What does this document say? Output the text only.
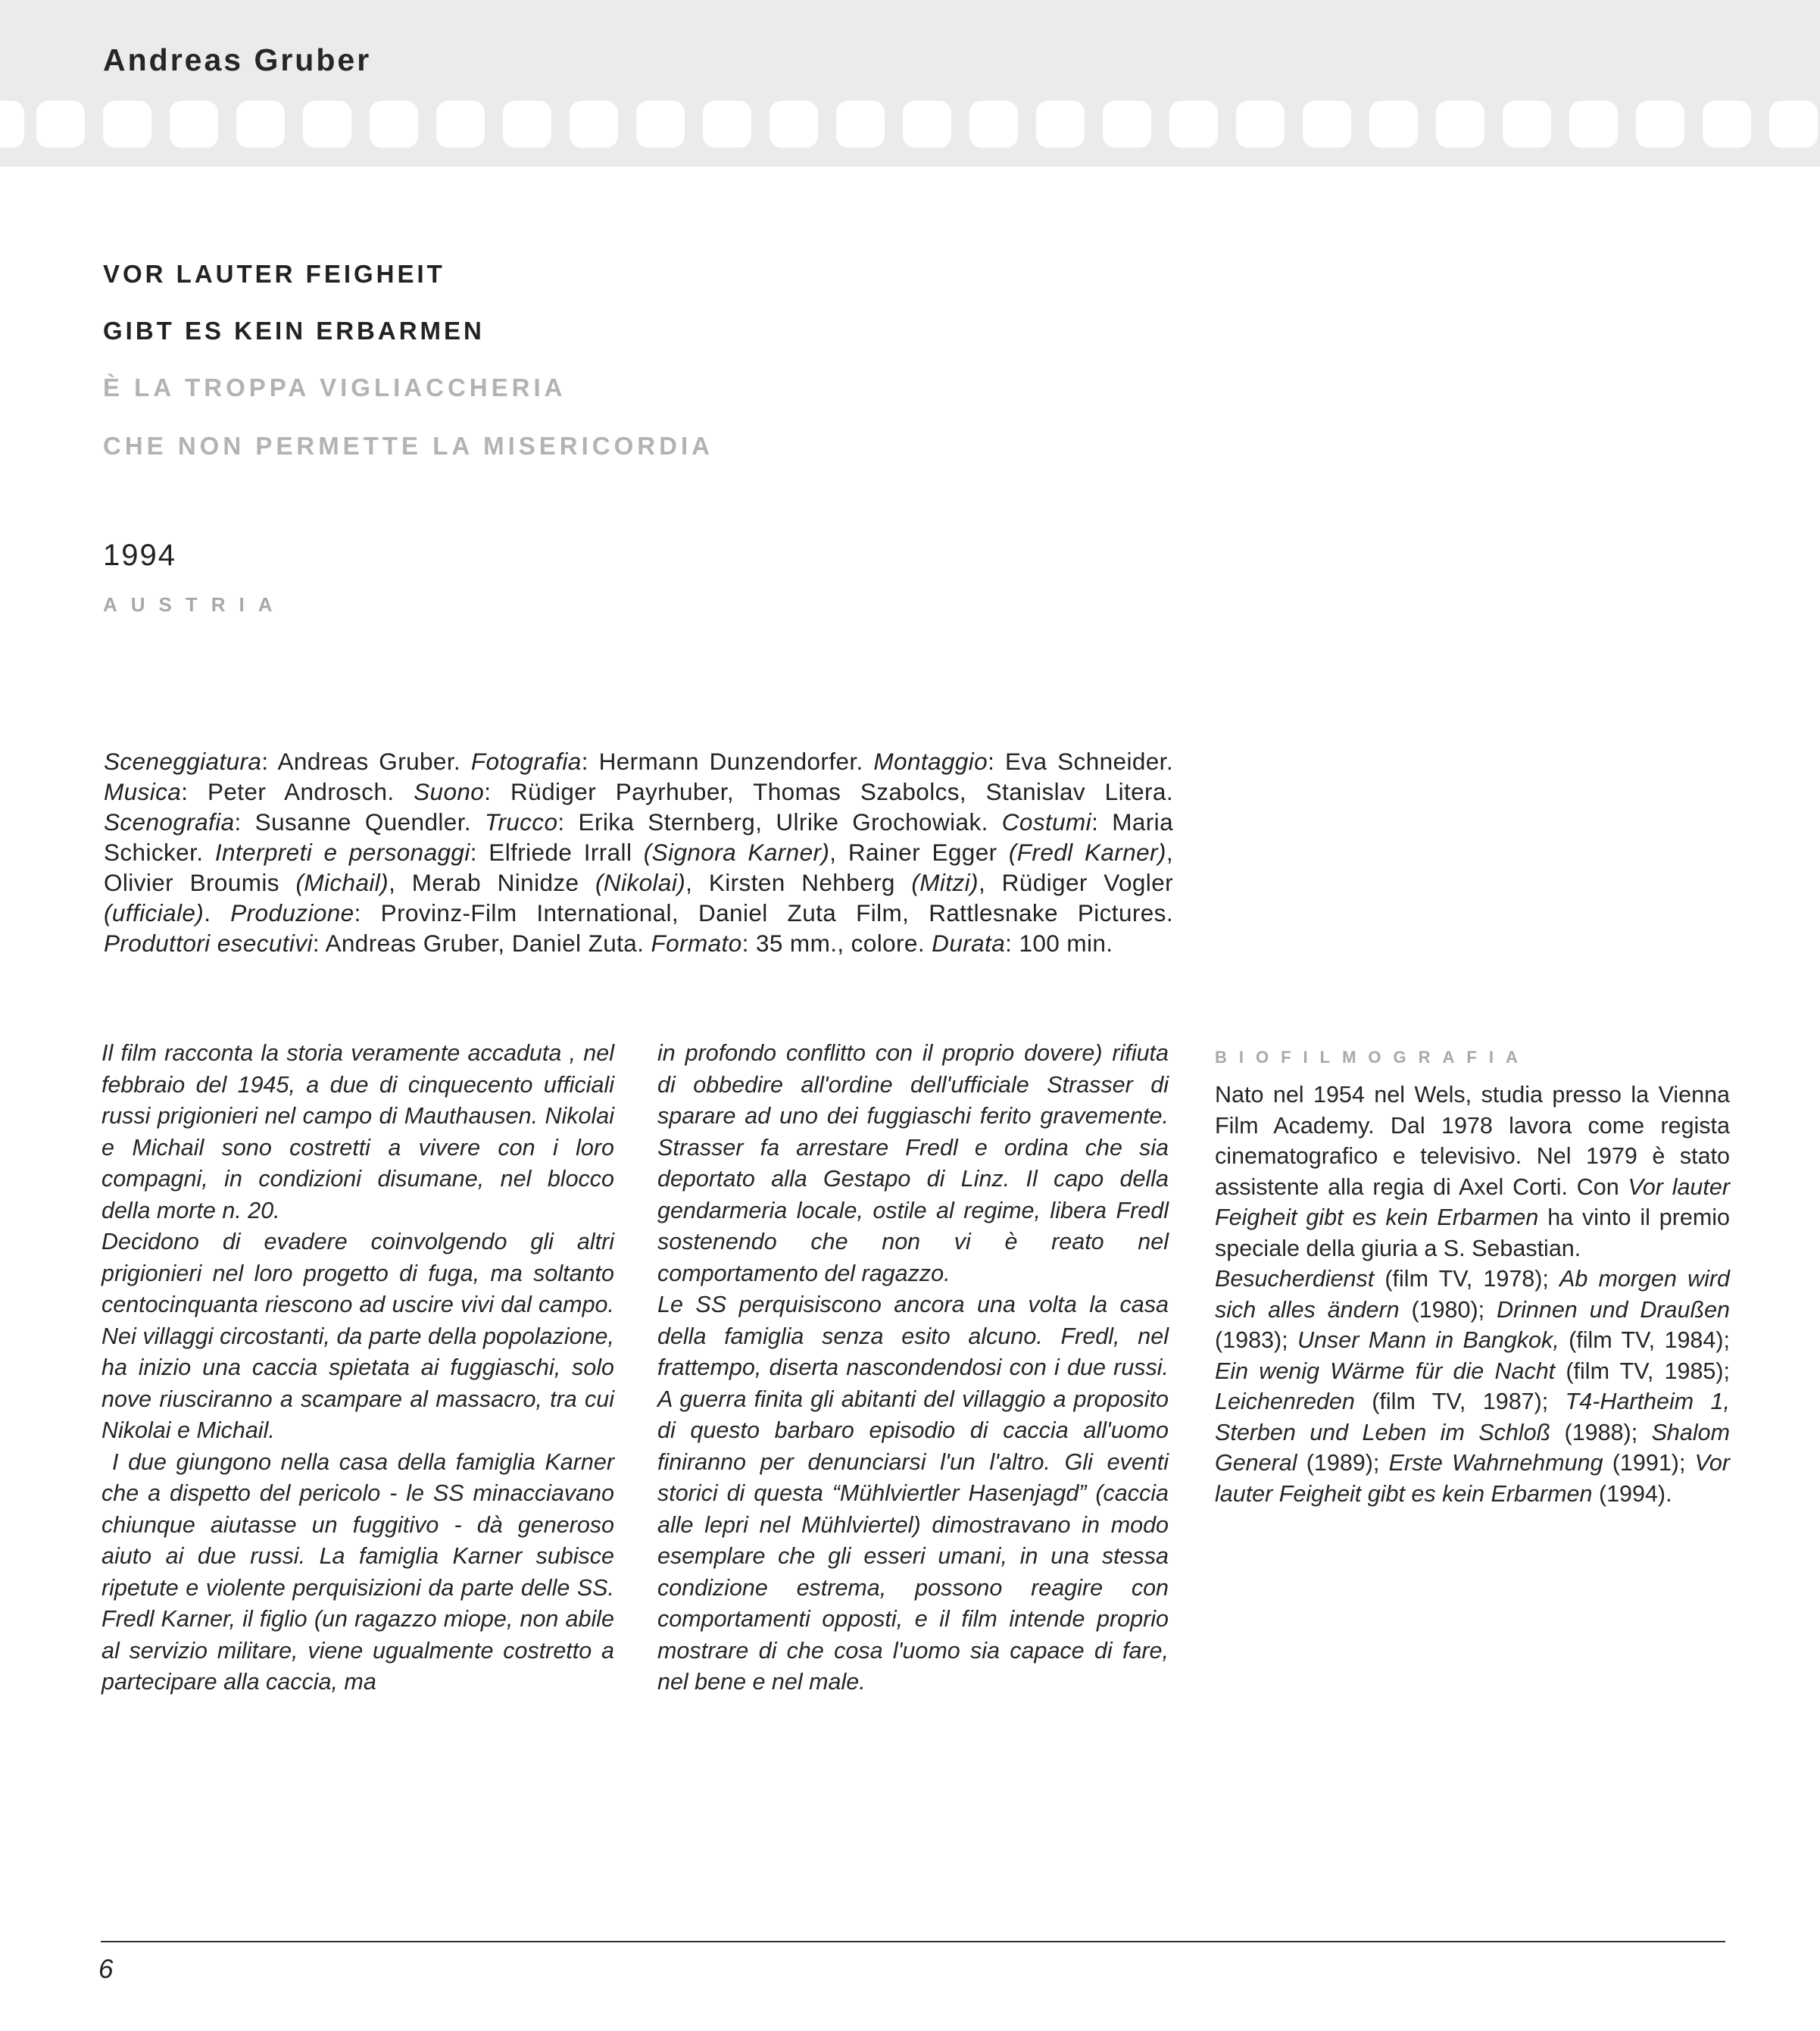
Andreas Gruber
VOR LAUTER FEIGHEIT
GIBT ES KEIN ERBARMEN
È LA TROPPA VIGLIACCHERIA
CHE NON PERMETTE LA MISERICORDIA
1994
AUSTRIA
Sceneggiatura: Andreas Gruber. Fotografia: Hermann Dunzendorfer. Montaggio: Eva Schneider. Musica: Peter Androsch. Suono: Rüdiger Payrhuber, Thomas Szabolcs, Stanislav Litera. Scenografia: Susanne Quendler. Trucco: Erika Sternberg, Ulrike Grochowiak. Costumi: Maria Schicker. Interpreti e personaggi: Elfriede Irrall (Signora Karner), Rainer Egger (Fredl Karner), Olivier Broumis (Michail), Merab Ninidze (Nikolai), Kirsten Nehberg (Mitzi), Rüdiger Vogler (ufficiale). Produzione: Provinz-Film International, Daniel Zuta Film, Rattlesnake Pictures. Produttori esecutivi: Andreas Gruber, Daniel Zuta. Formato: 35 mm., colore. Durata: 100 min.

Il film racconta la storia veramente accaduta , nel febbraio del 1945, a due di cinquecento ufficiali russi prigionieri nel campo di Mauthausen. Nikolai e Michail sono costretti a vivere con i loro compagni, in condizioni disumane, nel blocco della morte n. 20.

Decidono di evadere coinvolgendo gli altri prigionieri nel loro progetto di fuga, ma soltanto centocinquanta riescono ad uscire vivi dal campo. Nei villaggi circostanti, da parte della popolazione, ha inizio una caccia spietata ai fuggiaschi, solo nove riusciranno a scampare al massacro, tra cui Nikolai e Michail.

I due giungono nella casa della famiglia Karner che a dispetto del pericolo - le SS minacciavano chiunque aiutasse un fuggitivo - dà generoso aiuto ai due russi. La famiglia Karner subisce ripetute e violente perquisizioni da parte delle SS. Fredl Karner, il figlio (un ragazzo miope, non abile al servizio militare, viene ugualmente costretto a partecipare alla caccia, ma

in profondo conflitto con il proprio dovere) rifiuta di obbedire all'ordine dell'ufficiale Strasser di sparare ad uno dei fuggiaschi ferito gravemente. Strasser fa arrestare Fredl e ordina che sia deportato alla Gestapo di Linz. Il capo della gendarmeria locale, ostile al regime, libera Fredl sostenendo che non vi è reato nel comportamento del ragazzo.

Le SS perquisiscono ancora una volta la casa della famiglia senza esito alcuno. Fredl, nel frattempo, diserta nascondendosi con i due russi. A guerra finita gli abitanti del villaggio a proposito di questo barbaro episodio di caccia all'uomo finiranno per denunciarsi l'un l'altro. Gli eventi storici di questa “Mühlviertler Hasenjagd” (caccia alle lepri nel Mühlviertel) dimostravano in modo esemplare che gli esseri umani, in una stessa condizione estrema, possono reagire con comportamenti opposti, e il film intende proprio mostrare di che cosa l'uomo sia capace di fare, nel bene e nel male.

BIOFILMOGRAFIA

Nato nel 1954 nel Wels, studia presso la Vienna Film Academy. Dal 1978 lavora come regista cinematografico e televisivo. Nel 1979 è stato assistente alla regia di Axel Corti. Con Vor lauter Feigheit gibt es kein Erbarmen ha vinto il premio speciale della giuria a S. Sebastian.

Besucherdienst (film TV, 1978); Ab morgen wird sich alles ändern (1980); Drinnen und Draußen (1983); Unser Mann in Bangkok, (film TV, 1984); Ein wenig Wärme für die Nacht (film TV, 1985); Leichenreden (film TV, 1987); T4-Hartheim 1, Sterben und Leben im Schloß (1988); Shalom General (1989); Erste Wahrnehmung (1991); Vor lauter Feigheit gibt es kein Erbarmen (1994).

6
